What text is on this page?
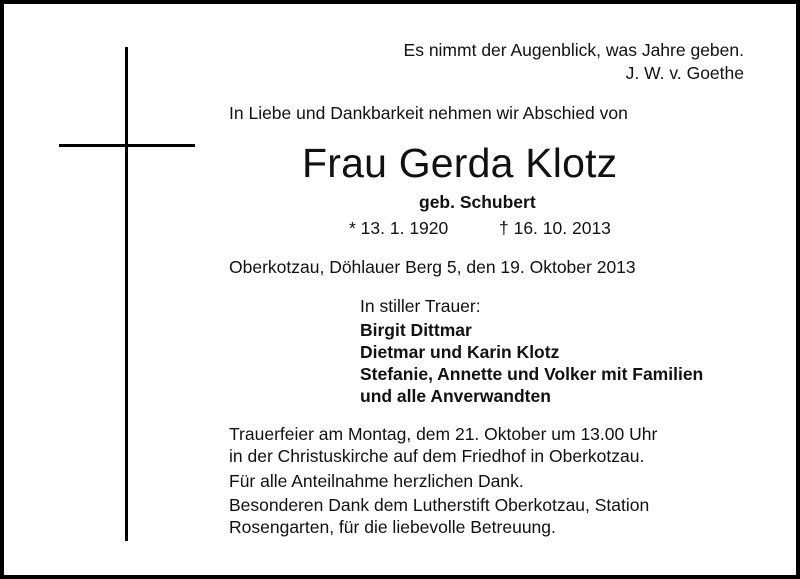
Es nimmt der Augenblick, was Jahre geben.
J. W. v. Goethe
In Liebe und Dankbarkeit nehmen wir Abschied von
Frau Gerda Klotz
geb. Schubert
* 13. 1. 1920	† 16. 10. 2013
Oberkotzau, Döhlauer Berg 5, den 19. Oktober 2013
In stiller Trauer:
Birgit Dittmar
Dietmar und Karin Klotz
Stefanie, Annette und Volker mit Familien
und alle Anverwandten
Trauerfeier am Montag, dem 21. Oktober um 13.00 Uhr
in der Christuskirche auf dem Friedhof in Oberkotzau.
Für alle Anteilnahme herzlichen Dank.
Besonderen Dank dem Lutherstift Oberkotzau, Station
Rosengarten, für die liebevolle Betreuung.
